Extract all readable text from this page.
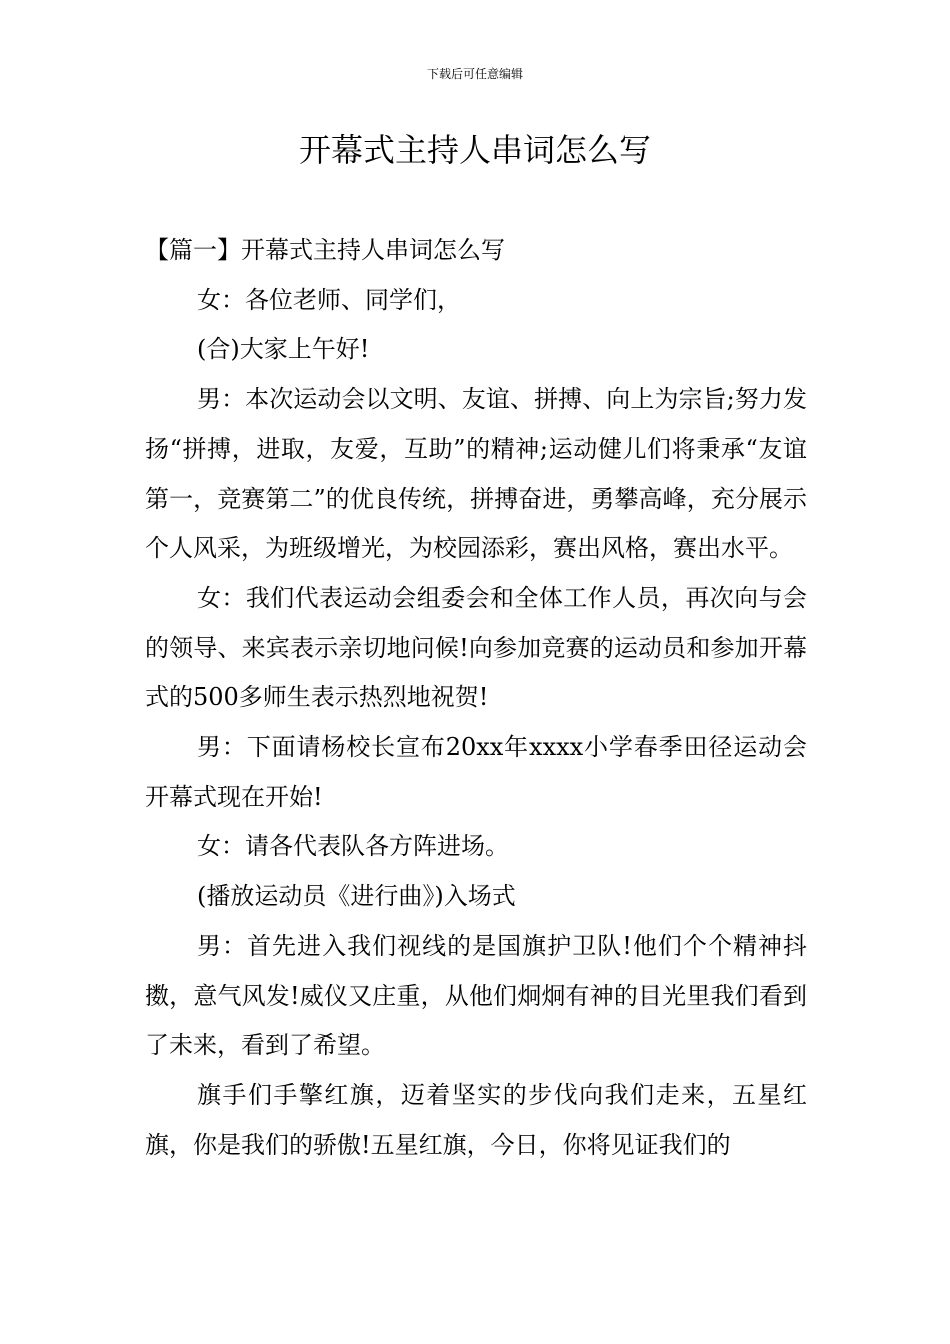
下载后可任意编辑
开幕式主持人串词怎么写

【篇一】开幕式主持人串词怎么写

女：各位老师、同学们，

(合)大家上午好!

男：本次运动会以文明、友谊、拼搏、向上为宗旨;努力发扬“拼搏，进取，友爱，互助”的精神;运动健儿们将秉承“友谊第一，竞赛第二”的优良传统，拼搏奋进，勇攀高峰，充分展示个人风采，为班级增光，为校园添彩，赛出风格，赛出水平。

女：我们代表运动会组委会和全体工作人员，再次向与会的领导、来宾表示亲切地问候!向参加竞赛的运动员和参加开幕式的500多师生表示热烈地祝贺!

男：下面请杨校长宣布20xx年xxxx小学春季田径运动会开幕式现在开始!

女：请各代表队各方阵进场。

(播放运动员《进行曲》)入场式

男：首先进入我们视线的是国旗护卫队!他们个个精神抖擞，意气风发!威仪又庄重，从他们炯炯有神的目光里我们看到了未来，看到了希望。

旗手们手擎红旗，迈着坚实的步伐向我们走来，五星红旗，你是我们的骄傲!五星红旗，今日，你将见证我们的
